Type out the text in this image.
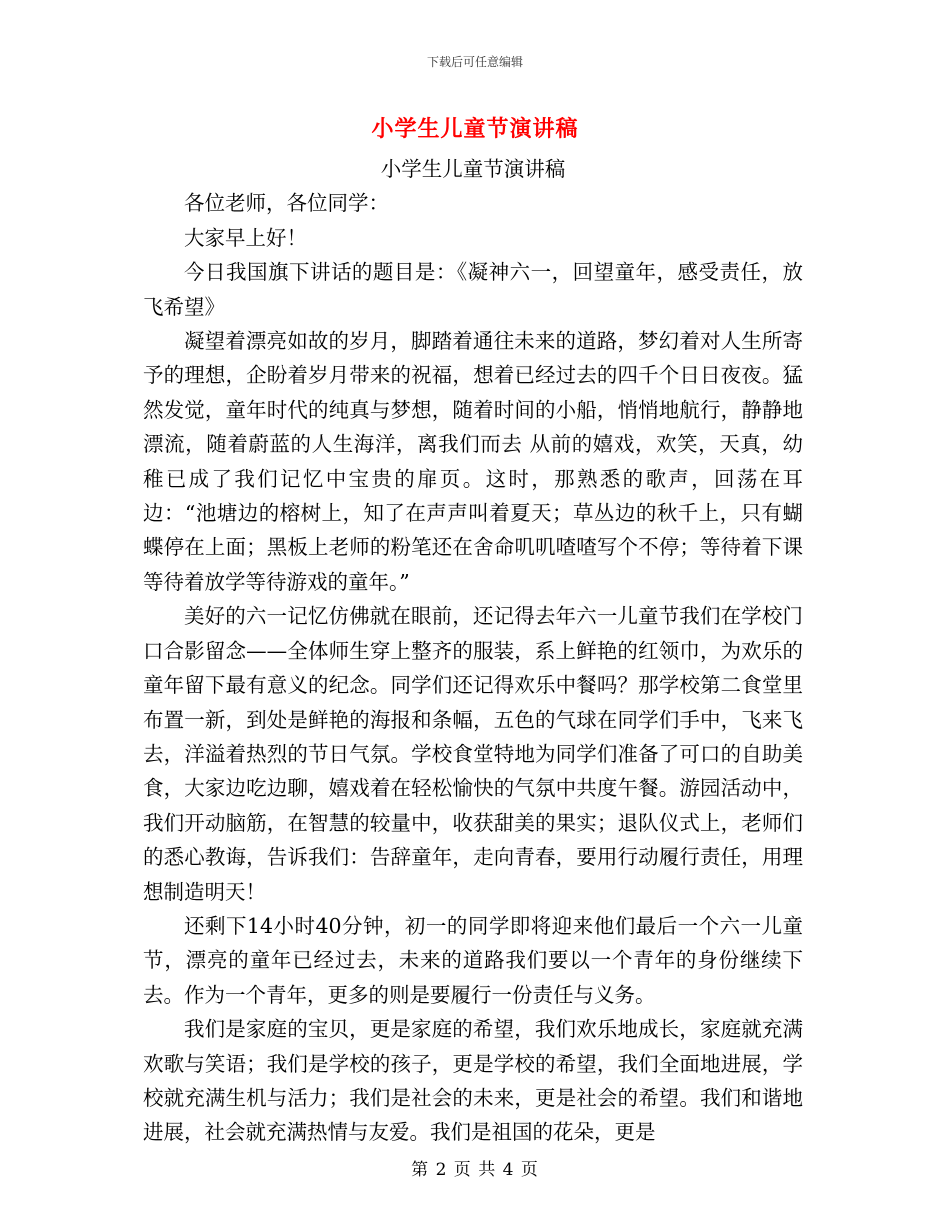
下载后可任意编辑
小学生儿童节演讲稿

小学生儿童节演讲稿

各位老师，各位同学：

大家早上好！

今日我国旗下讲话的题目是：《凝神六一，回望童年，感受责任，放飞希望》

凝望着漂亮如故的岁月，脚踏着通往未来的道路，梦幻着对人生所寄予的理想，企盼着岁月带来的祝福，想着已经过去的四千个日日夜夜。猛然发觉，童年时代的纯真与梦想，随着时间的小船，悄悄地航行，静静地漂流，随着蔚蓝的人生海洋，离我们而去 从前的嬉戏，欢笑，天真，幼稚已成了我们记忆中宝贵的扉页。这时，那熟悉的歌声，回荡在耳边：“池塘边的榕树上，知了在声声叫着夏天；草丛边的秋千上，只有蝴蝶停在上面；黑板上老师的粉笔还在舍命叽叽喳喳写个不停；等待着下课等待着放学等待游戏的童年。”

美好的六一记忆仿佛就在眼前，还记得去年六一儿童节我们在学校门口合影留念——全体师生穿上整齐的服装，系上鲜艳的红领巾，为欢乐的童年留下最有意义的纪念。同学们还记得欢乐中餐吗？那学校第二食堂里布置一新，到处是鲜艳的海报和条幅，五色的气球在同学们手中，飞来飞去，洋溢着热烈的节日气氛。学校食堂特地为同学们准备了可口的自助美食，大家边吃边聊，嬉戏着在轻松愉快的气氛中共度午餐。游园活动中，我们开动脑筋，在智慧的较量中，收获甜美的果实；退队仪式上，老师们的悉心教诲，告诉我们：告辞童年，走向青春，要用行动履行责任，用理想制造明天！

还剩下14小时40分钟，初一的同学即将迎来他们最后一个六一儿童节，漂亮的童年已经过去，未来的道路我们要以一个青年的身份继续下去。作为一个青年，更多的则是要履行一份责任与义务。

我们是家庭的宝贝，更是家庭的希望，我们欢乐地成长，家庭就充满欢歌与笑语；我们是学校的孩子，更是学校的希望，我们全面地进展，学校就充满生机与活力；我们是社会的未来，更是社会的希望。我们和谐地进展，社会就充满热情与友爱。我们是祖国的花朵，更是

第 2 页 共 4 页
